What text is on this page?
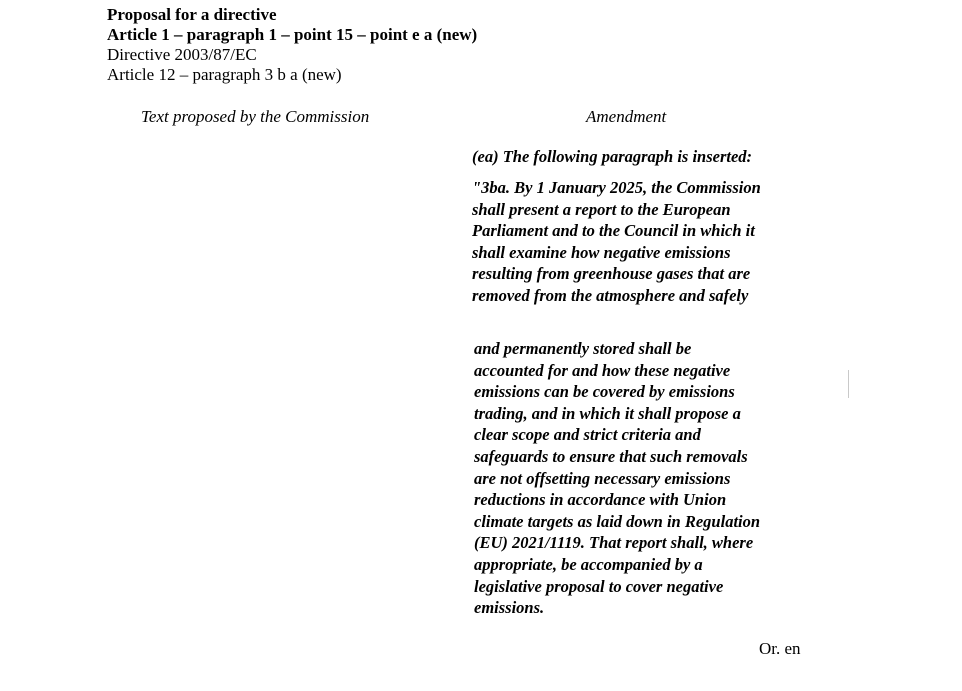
Proposal for a directive
Article 1 – paragraph 1 – point 15 – point e a (new)
Directive 2003/87/EC
Article 12 – paragraph 3 b a (new)
Text proposed by the Commission	Amendment
(ea) The following paragraph is inserted:
"3ba. By 1 January 2025, the Commission
shall present a report to the European
Parliament and to the Council in which it
shall examine how negative emissions
resulting from greenhouse gases that are
removed from the atmosphere and safely
and permanently stored shall be
accounted for and how these negative
emissions can be covered by emissions
trading, and in which it shall propose a
clear scope and strict criteria and
safeguards to ensure that such removals
are not offsetting necessary emissions
reductions in accordance with Union
climate targets as laid down in Regulation
(EU) 2021/1119. That report shall, where
appropriate, be accompanied by a
legislative proposal to cover negative
emissions.
Or. en
